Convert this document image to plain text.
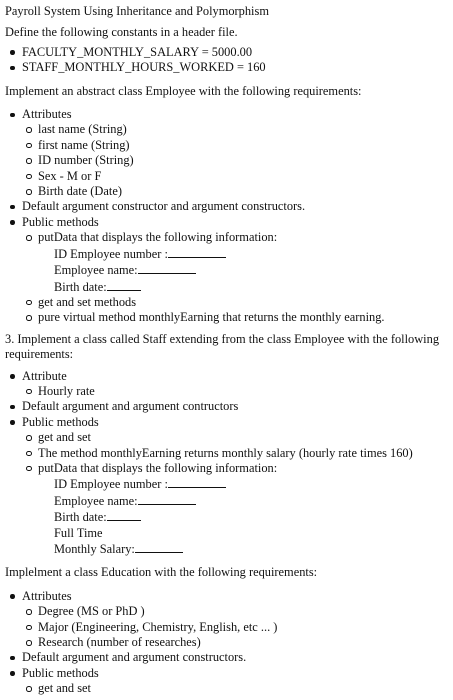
Payroll System Using Inheritance and Polymorphism

Define the following constants in a header file.

FACULTY_MONTHLY_SALARY = 5000.00
STAFF_MONTHLY_HOURS_WORKED = 160

Implement an abstract class Employee with the following requirements:

Attributes
last name (String)
first name (String)
ID number (String)
Sex - M or F
Birth date (Date)
Default argument constructor and argument constructors.
Public methods
putData that displays the following information:
ID Employee number :
Employee name:
Birth date:
get and set methods
pure virtual method monthlyEarning that returns the monthly earning.

3. Implement a class called Staff extending from the class Employee with the following requirements:

Attribute
Hourly rate
Default argument and argument contructors
Public methods
get and set
The method monthlyEarning returns monthly salary (hourly rate times 160)
putData that displays the following information:
ID Employee number :
Employee name:
Birth date:
Full Time
Monthly Salary:

Implelment a class Education with the following requirements:

Attributes
Degree (MS or PhD )
Major (Engineering, Chemistry, English, etc ... )
Research (number of researches)
Default argument and argument constructors.
Public methods
get and set
